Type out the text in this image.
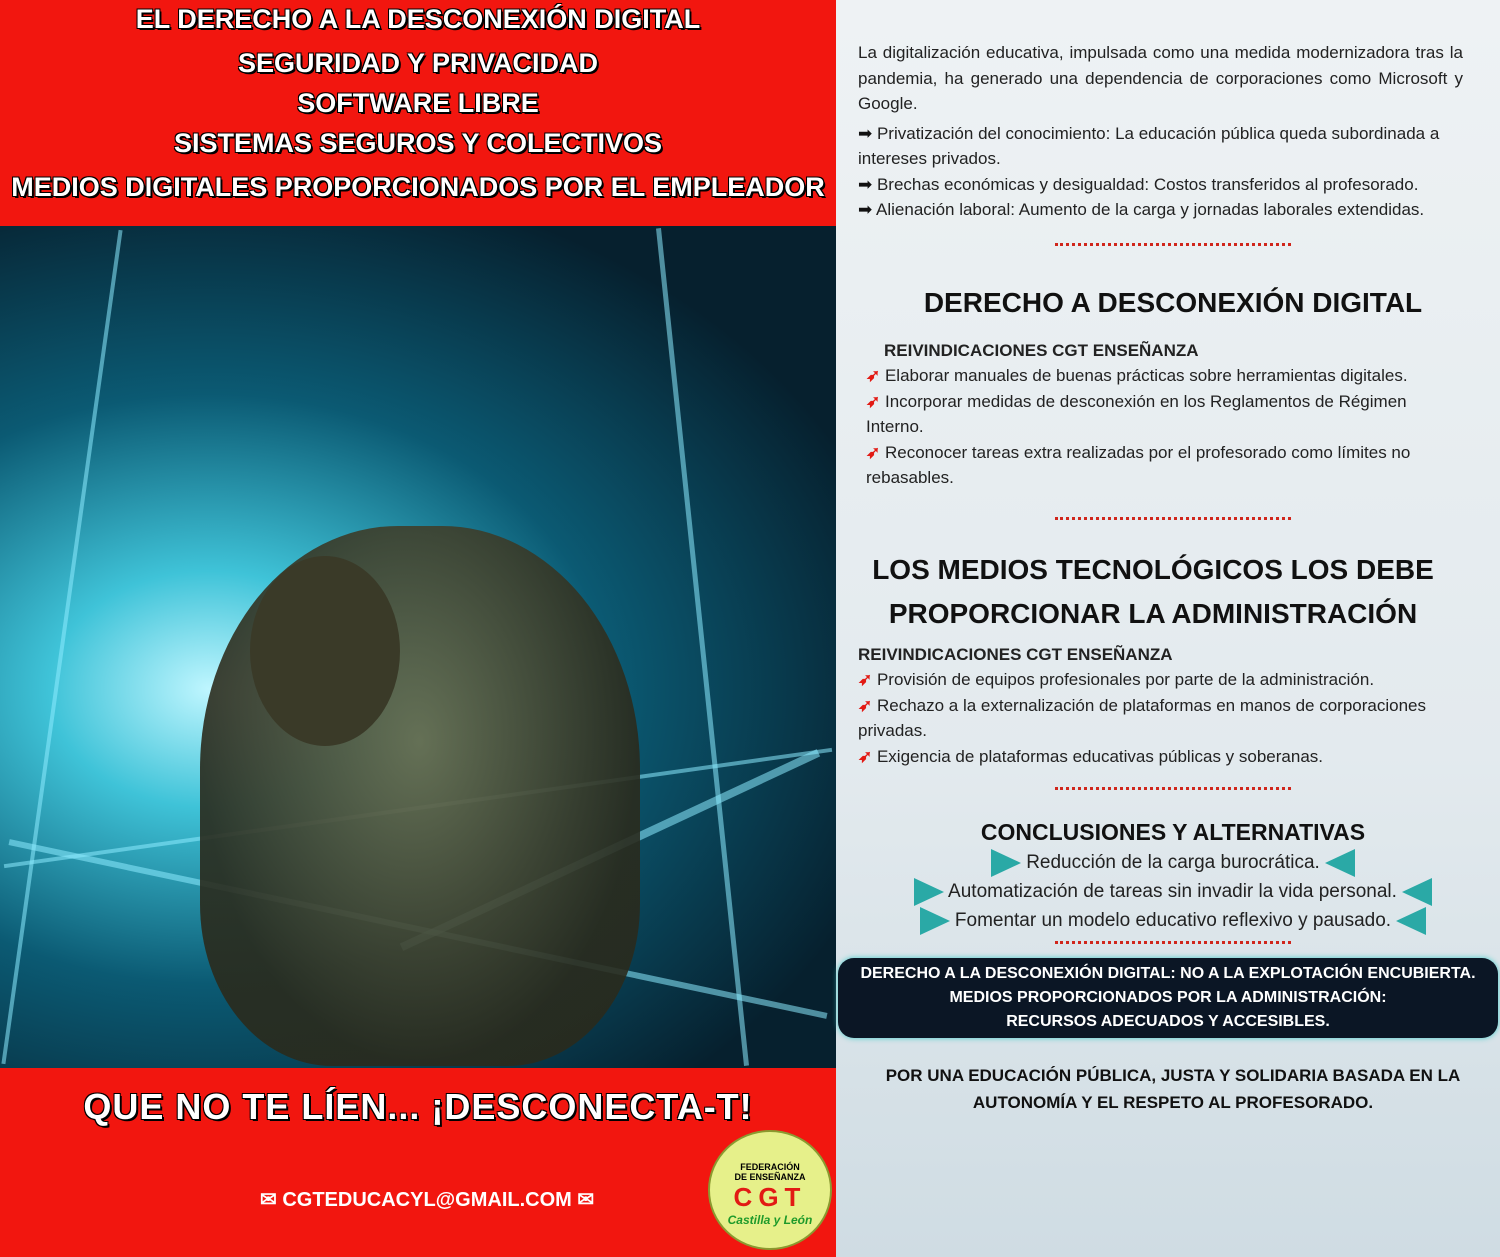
EL DERECHO A LA DESCONEXIÓN DIGITAL
SEGURIDAD Y PRIVACIDAD
SOFTWARE LIBRE
SISTEMAS SEGUROS Y COLECTIVOS
MEDIOS DIGITALES PROPORCIONADOS POR EL EMPLEADOR
QUE NO TE LÍEN... ¡DESCONECTA-T!
✉ CGTEDUCACYL@GMAIL.COM ✉
FEDERACIÓN
DE ENSEÑANZA
CGT
Castilla y León
La digitalización educativa, impulsada como una medida modernizadora tras la pandemia, ha generado una dependencia de corporaciones como Microsoft y Google.
➡ Privatización del conocimiento: La educación pública queda subordinada a intereses privados.
➡ Brechas económicas y desigualdad: Costos transferidos al profesorado.
➡ Alienación laboral: Aumento de la carga y jornadas laborales extendidas.
DERECHO A DESCONEXIÓN DIGITAL
REIVINDICACIONES CGT ENSEÑANZA
➶ Elaborar manuales de buenas prácticas sobre herramientas digitales.
➶ Incorporar medidas de desconexión en los Reglamentos de Régimen Interno.
➶ Reconocer tareas extra realizadas por el profesorado como límites no rebasables.
LOS MEDIOS TECNOLÓGICOS LOS DEBE PROPORCIONAR LA ADMINISTRACIÓN
REIVINDICACIONES CGT ENSEÑANZA
➶ Provisión de equipos profesionales por parte de la administración.
➶ Rechazo a la externalización de plataformas en manos de corporaciones privadas.
➶ Exigencia de plataformas educativas públicas y soberanas.
CONCLUSIONES Y ALTERNATIVAS
Reducción de la carga burocrática.
Automatización de tareas sin invadir la vida personal.
Fomentar un modelo educativo reflexivo y pausado.
DERECHO A LA DESCONEXIÓN DIGITAL: NO A LA EXPLOTACIÓN ENCUBIERTA.
MEDIOS PROPORCIONADOS POR LA ADMINISTRACIÓN: RECURSOS ADECUADOS Y ACCESIBLES.
POR UNA EDUCACIÓN PÚBLICA, JUSTA Y SOLIDARIA BASADA EN LA AUTONOMÍA Y EL RESPETO AL PROFESORADO.
